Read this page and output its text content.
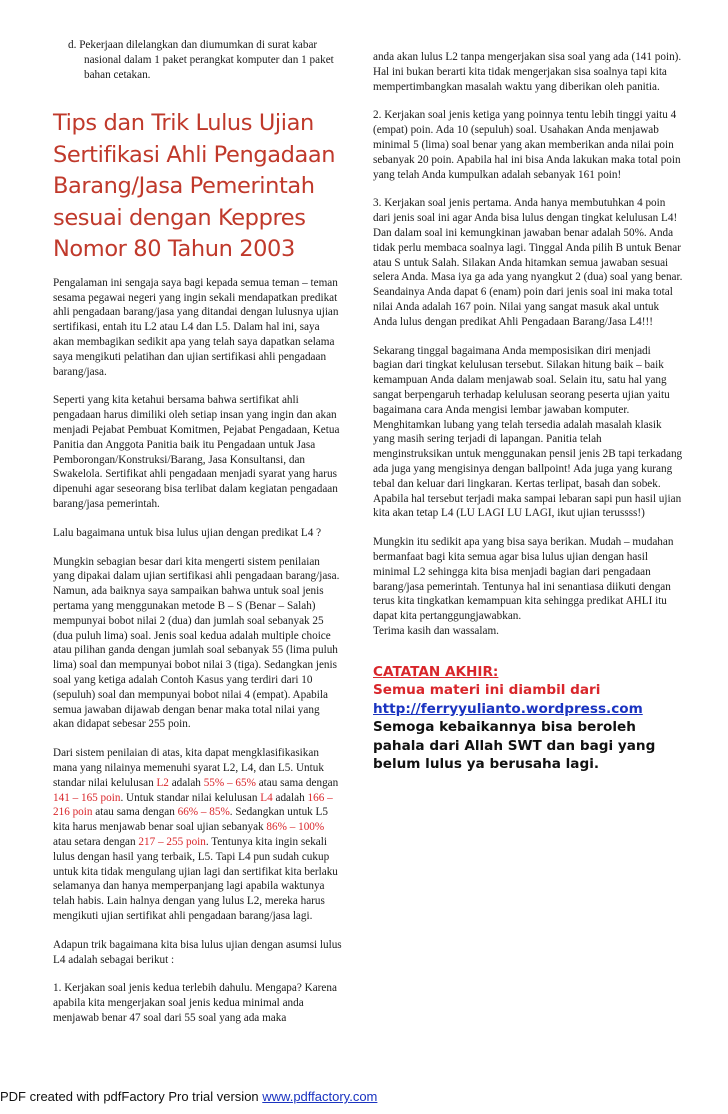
d. Pekerjaan dilelangkan dan diumumkan di surat kabar nasional dalam 1 paket perangkat komputer dan 1 paket bahan cetakan.

Tips dan Trik Lulus Ujian Sertifikasi Ahli Pengadaan Barang/Jasa Pemerintah sesuai dengan Keppres Nomor 80 Tahun 2003

Pengalaman ini sengaja saya bagi kepada semua teman – teman sesama pegawai negeri yang ingin sekali mendapatkan predikat ahli pengadaan barang/jasa yang ditandai dengan lulusnya ujian sertifikasi, entah itu L2 atau L4 dan L5. Dalam hal ini, saya akan membagikan sedikit apa yang telah saya dapatkan selama saya mengikuti pelatihan dan ujian sertifikasi ahli pengadaan barang/jasa.

Seperti yang kita ketahui bersama bahwa sertifikat ahli pengadaan harus dimiliki oleh setiap insan yang ingin dan akan menjadi Pejabat Pembuat Komitmen, Pejabat Pengadaan, Ketua Panitia dan Anggota Panitia baik itu Pengadaan untuk Jasa Pemborongan/Konstruksi/Barang, Jasa Konsultansi, dan Swakelola. Sertifikat ahli pengadaan menjadi syarat yang harus dipenuhi agar seseorang bisa terlibat dalam kegiatan pengadaan barang/jasa pemerintah.

Lalu bagaimana untuk bisa lulus ujian dengan predikat L4 ?

Mungkin sebagian besar dari kita mengerti sistem penilaian yang dipakai dalam ujian sertifikasi ahli pengadaan barang/jasa. Namun, ada baiknya saya sampaikan bahwa untuk soal jenis pertama yang menggunakan metode B – S (Benar – Salah) mempunyai bobot nilai 2 (dua) dan jumlah soal sebanyak 25 (dua puluh lima) soal. Jenis soal kedua adalah multiple choice atau pilihan ganda dengan jumlah soal sebanyak 55 (lima puluh lima) soal dan mempunyai bobot nilai 3 (tiga). Sedangkan jenis soal yang ketiga adalah Contoh Kasus yang terdiri dari 10 (sepuluh) soal dan mempunyai bobot nilai 4 (empat). Apabila semua jawaban dijawab dengan benar maka total nilai yang akan didapat sebesar 255 poin.

Dari sistem penilaian di atas, kita dapat mengklasifikasikan mana yang nilainya memenuhi syarat L2, L4, dan L5. Untuk standar nilai kelulusan L2 adalah 55% – 65% atau sama dengan 141 – 165 poin. Untuk standar nilai kelulusan L4 adalah 166 – 216 poin atau sama dengan 66% – 85%. Sedangkan untuk L5 kita harus menjawab benar soal ujian sebanyak 86% – 100% atau setara dengan 217 – 255 poin. Tentunya kita ingin sekali lulus dengan hasil yang terbaik, L5. Tapi L4 pun sudah cukup untuk kita tidak mengulang ujian lagi dan sertifikat kita berlaku selamanya dan hanya memperpanjang lagi apabila waktunya telah habis. Lain halnya dengan yang lulus L2, mereka harus mengikuti ujian sertifikat ahli pengadaan barang/jasa lagi.

Adapun trik bagaimana kita bisa lulus ujian dengan asumsi lulus L4 adalah sebagai berikut :

1. Kerjakan soal jenis kedua terlebih dahulu. Mengapa? Karena apabila kita mengerjakan soal jenis kedua minimal anda menjawab benar 47 soal dari 55 soal yang ada maka

anda akan lulus L2 tanpa mengerjakan sisa soal yang ada (141 poin). Hal ini bukan berarti kita tidak mengerjakan sisa soalnya tapi kita mempertimbangkan masalah waktu yang diberikan oleh panitia.

2. Kerjakan soal jenis ketiga yang poinnya tentu lebih tinggi yaitu 4 (empat) poin. Ada 10 (sepuluh) soal. Usahakan Anda menjawab minimal 5 (lima) soal benar yang akan memberikan anda nilai poin sebanyak 20 poin. Apabila hal ini bisa Anda lakukan maka total poin yang telah Anda kumpulkan adalah sebanyak 161 poin!

3. Kerjakan soal jenis pertama. Anda hanya membutuhkan 4 poin dari jenis soal ini agar Anda bisa lulus dengan tingkat kelulusan L4! Dan dalam soal ini kemungkinan jawaban benar adalah 50%. Anda tidak perlu membaca soalnya lagi. Tinggal Anda pilih B untuk Benar atau S untuk Salah. Silakan Anda hitamkan semua jawaban sesuai selera Anda. Masa iya ga ada yang nyangkut 2 (dua) soal yang benar. Seandainya Anda dapat 6 (enam) poin dari jenis soal ini maka total nilai Anda adalah 167 poin. Nilai yang sangat masuk akal untuk Anda lulus dengan predikat Ahli Pengadaan Barang/Jasa L4!!!

Sekarang tinggal bagaimana Anda memposisikan diri menjadi bagian dari tingkat kelulusan tersebut. Silakan hitung baik – baik kemampuan Anda dalam menjawab soal. Selain itu, satu hal yang sangat berpengaruh terhadap kelulusan seorang peserta ujian yaitu bagaimana cara Anda mengisi lembar jawaban komputer. Menghitamkan lubang yang telah tersedia adalah masalah klasik yang masih sering terjadi di lapangan. Panitia telah menginstruksikan untuk menggunakan pensil jenis 2B tapi terkadang ada juga yang mengisinya dengan ballpoint! Ada juga yang kurang tebal dan keluar dari lingkaran. Kertas terlipat, basah dan sobek. Apabila hal tersebut terjadi maka sampai lebaran sapi pun hasil ujian kita akan tetap L4 (LU LAGI LU LAGI, ikut ujian terussss!)

Mungkin itu sedikit apa yang bisa saya berikan. Mudah – mudahan bermanfaat bagi kita semua agar bisa lulus ujian dengan hasil minimal L2 sehingga kita bisa menjadi bagian dari pengadaan barang/jasa pemerintah. Tentunya hal ini senantiasa diikuti dengan terus kita tingkatkan kemampuan kita sehingga predikat AHLI itu dapat kita pertanggungjawabkan.

Terima kasih dan wassalam.

CATATAN AKHIR:
Semua materi ini diambil dari
http://ferryyulianto.wordpress.com
Semoga kebaikannya bisa beroleh pahala dari Allah SWT dan bagi yang belum lulus ya berusaha lagi.
PDF created with pdfFactory Pro trial version www.pdffactory.com
